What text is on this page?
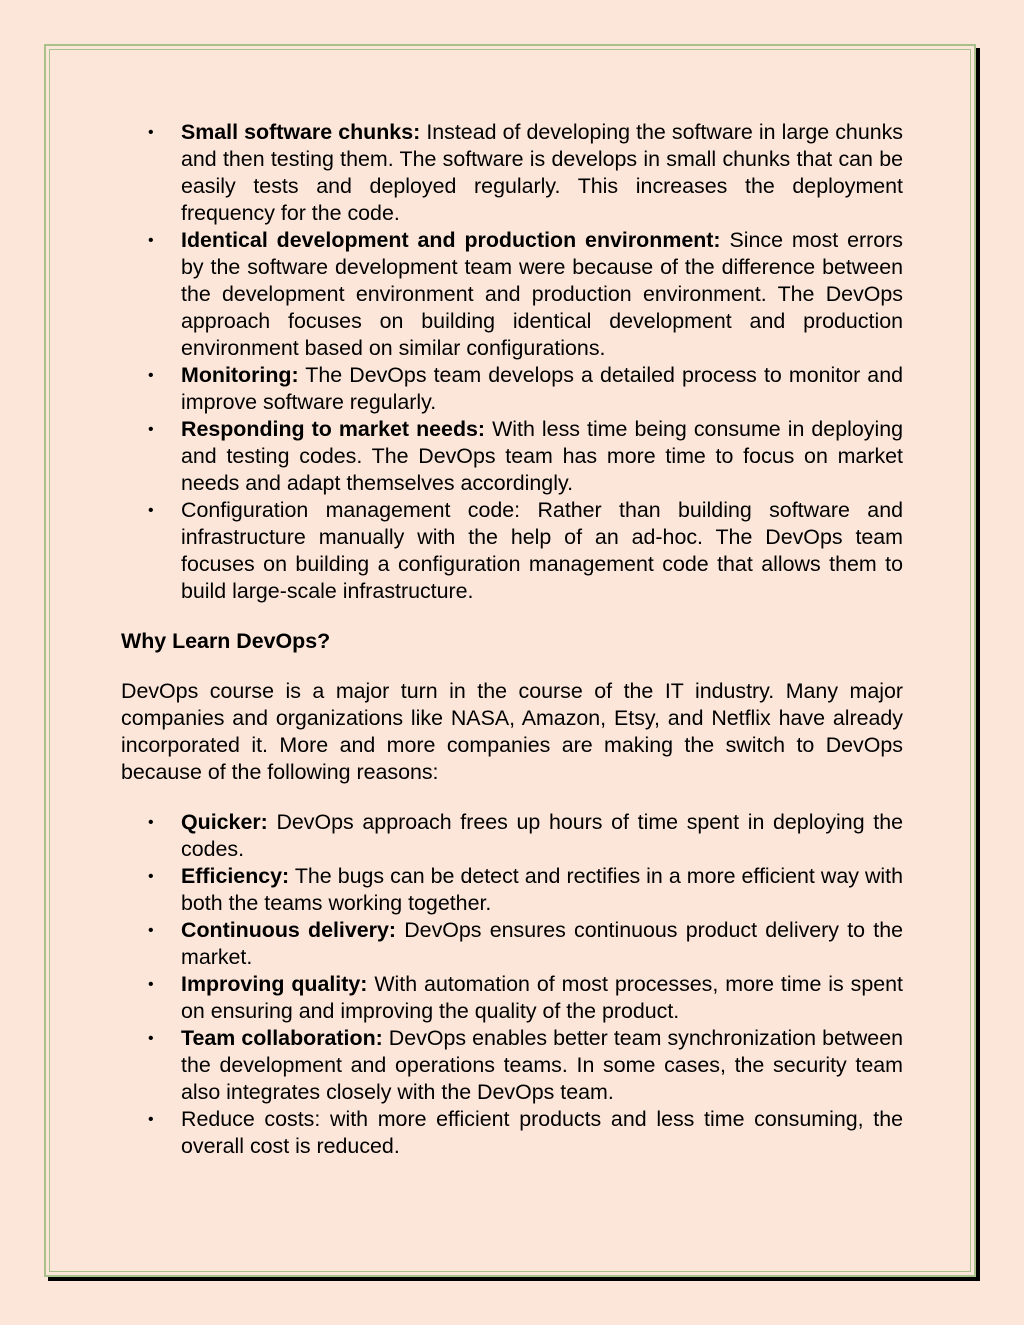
• Small software chunks: Instead of developing the software in large chunks and then testing them. The software is develops in small chunks that can be easily tests and deployed regularly. This increases the deployment frequency for the code.
• Identical development and production environment: Since most errors by the software development team were because of the difference between the development environment and production environment. The DevOps approach focuses on building identical development and production environment based on similar configurations.
• Monitoring: The DevOps team develops a detailed process to monitor and improve software regularly.
• Responding to market needs: With less time being consume in deploying and testing codes. The DevOps team has more time to focus on market needs and adapt themselves accordingly.
• Configuration management code: Rather than building software and infrastructure manually with the help of an ad-hoc. The DevOps team focuses on building a configuration management code that allows them to build large-scale infrastructure.
Why Learn DevOps?
DevOps course is a major turn in the course of the IT industry. Many major companies and organizations like NASA, Amazon, Etsy, and Netflix have already incorporated it. More and more companies are making the switch to DevOps because of the following reasons:
• Quicker: DevOps approach frees up hours of time spent in deploying the codes.
• Efficiency: The bugs can be detect and rectifies in a more efficient way with both the teams working together.
• Continuous delivery: DevOps ensures continuous product delivery to the market.
• Improving quality: With automation of most processes, more time is spent on ensuring and improving the quality of the product.
• Team collaboration: DevOps enables better team synchronization between the development and operations teams. In some cases, the security team also integrates closely with the DevOps team.
• Reduce costs: with more efficient products and less time consuming, the overall cost is reduced.
